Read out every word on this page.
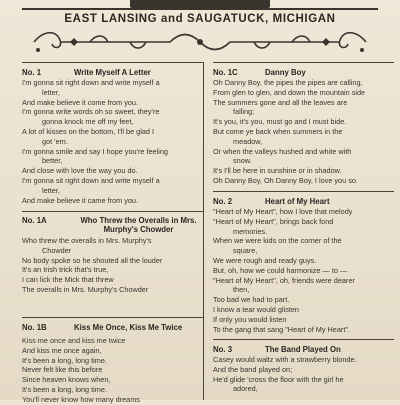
EAST LANSING and SAUGATUCK, MICHIGAN
No. 1	Write Myself A Letter
I'm gonna sit right down and write myself a
letter,
And make believe it come from you.
I'm gonna write words oh so sweet, they're
gonna knock me off my feet,
A lot of kisses on the bottom, I'll be glad I
got 'em.
I'm gonna smile and say I hope you're feeling
better,
And close with love the way you do.
I'm gonna sit right down and write myself a
letter,
And make believe it came from you.
No. 1A	Who Threw the Overalls in Mrs.
Murphy's Chowder
Who threw the overalls in Mrs. Murphy's
Chowder
No body spoke so he shouted all the louder
It's an Irish trick that's true,
I can lick the Mick that threw
The overalls in Mrs. Murphy's Chowder
No. 1B	Kiss Me Once, Kiss Me Twice
Kiss me once and kiss me twice
And kiss me once again,
It's been a long, long time.
Never felt like this before
Since heaven knows when,
It's been a long, long time.
You'll never know how many dreams
No. 1C	Danny Boy
Oh Danny Boy, the pipes the pipes are calling,
From glen to glen, and down the mountain side
The summers gone and all the leaves are
falling;
It's you, it's you, must go and I must bide.
But come ye back when summers in the
meadow,
Or when the valleys hushed and white with
snow.
It's I'll be here in sunshine or in shadow.
Oh Danny Boy, Oh Danny Boy, I love you so.
No. 2	Heart of My Heart
"Heart of My Heart", how I love that melody
"Heart of My Heart", brings back fond
memories.
When we were kids on the corner of the
square,
We were rough and ready guys.
But, oh, how we could harmonize — to —
"Heart of My Heart", oh, friends were dearer
then,
Too bad we had to part.
I know a tear would glisten
If only you would listen
To the gang that sang "Heart of My Heart".
No. 3	The Band Played On
Casey would waltz with a strawberry blonde.
And the band played on;
He'd glide 'cross the floor with the girl he
adored,
